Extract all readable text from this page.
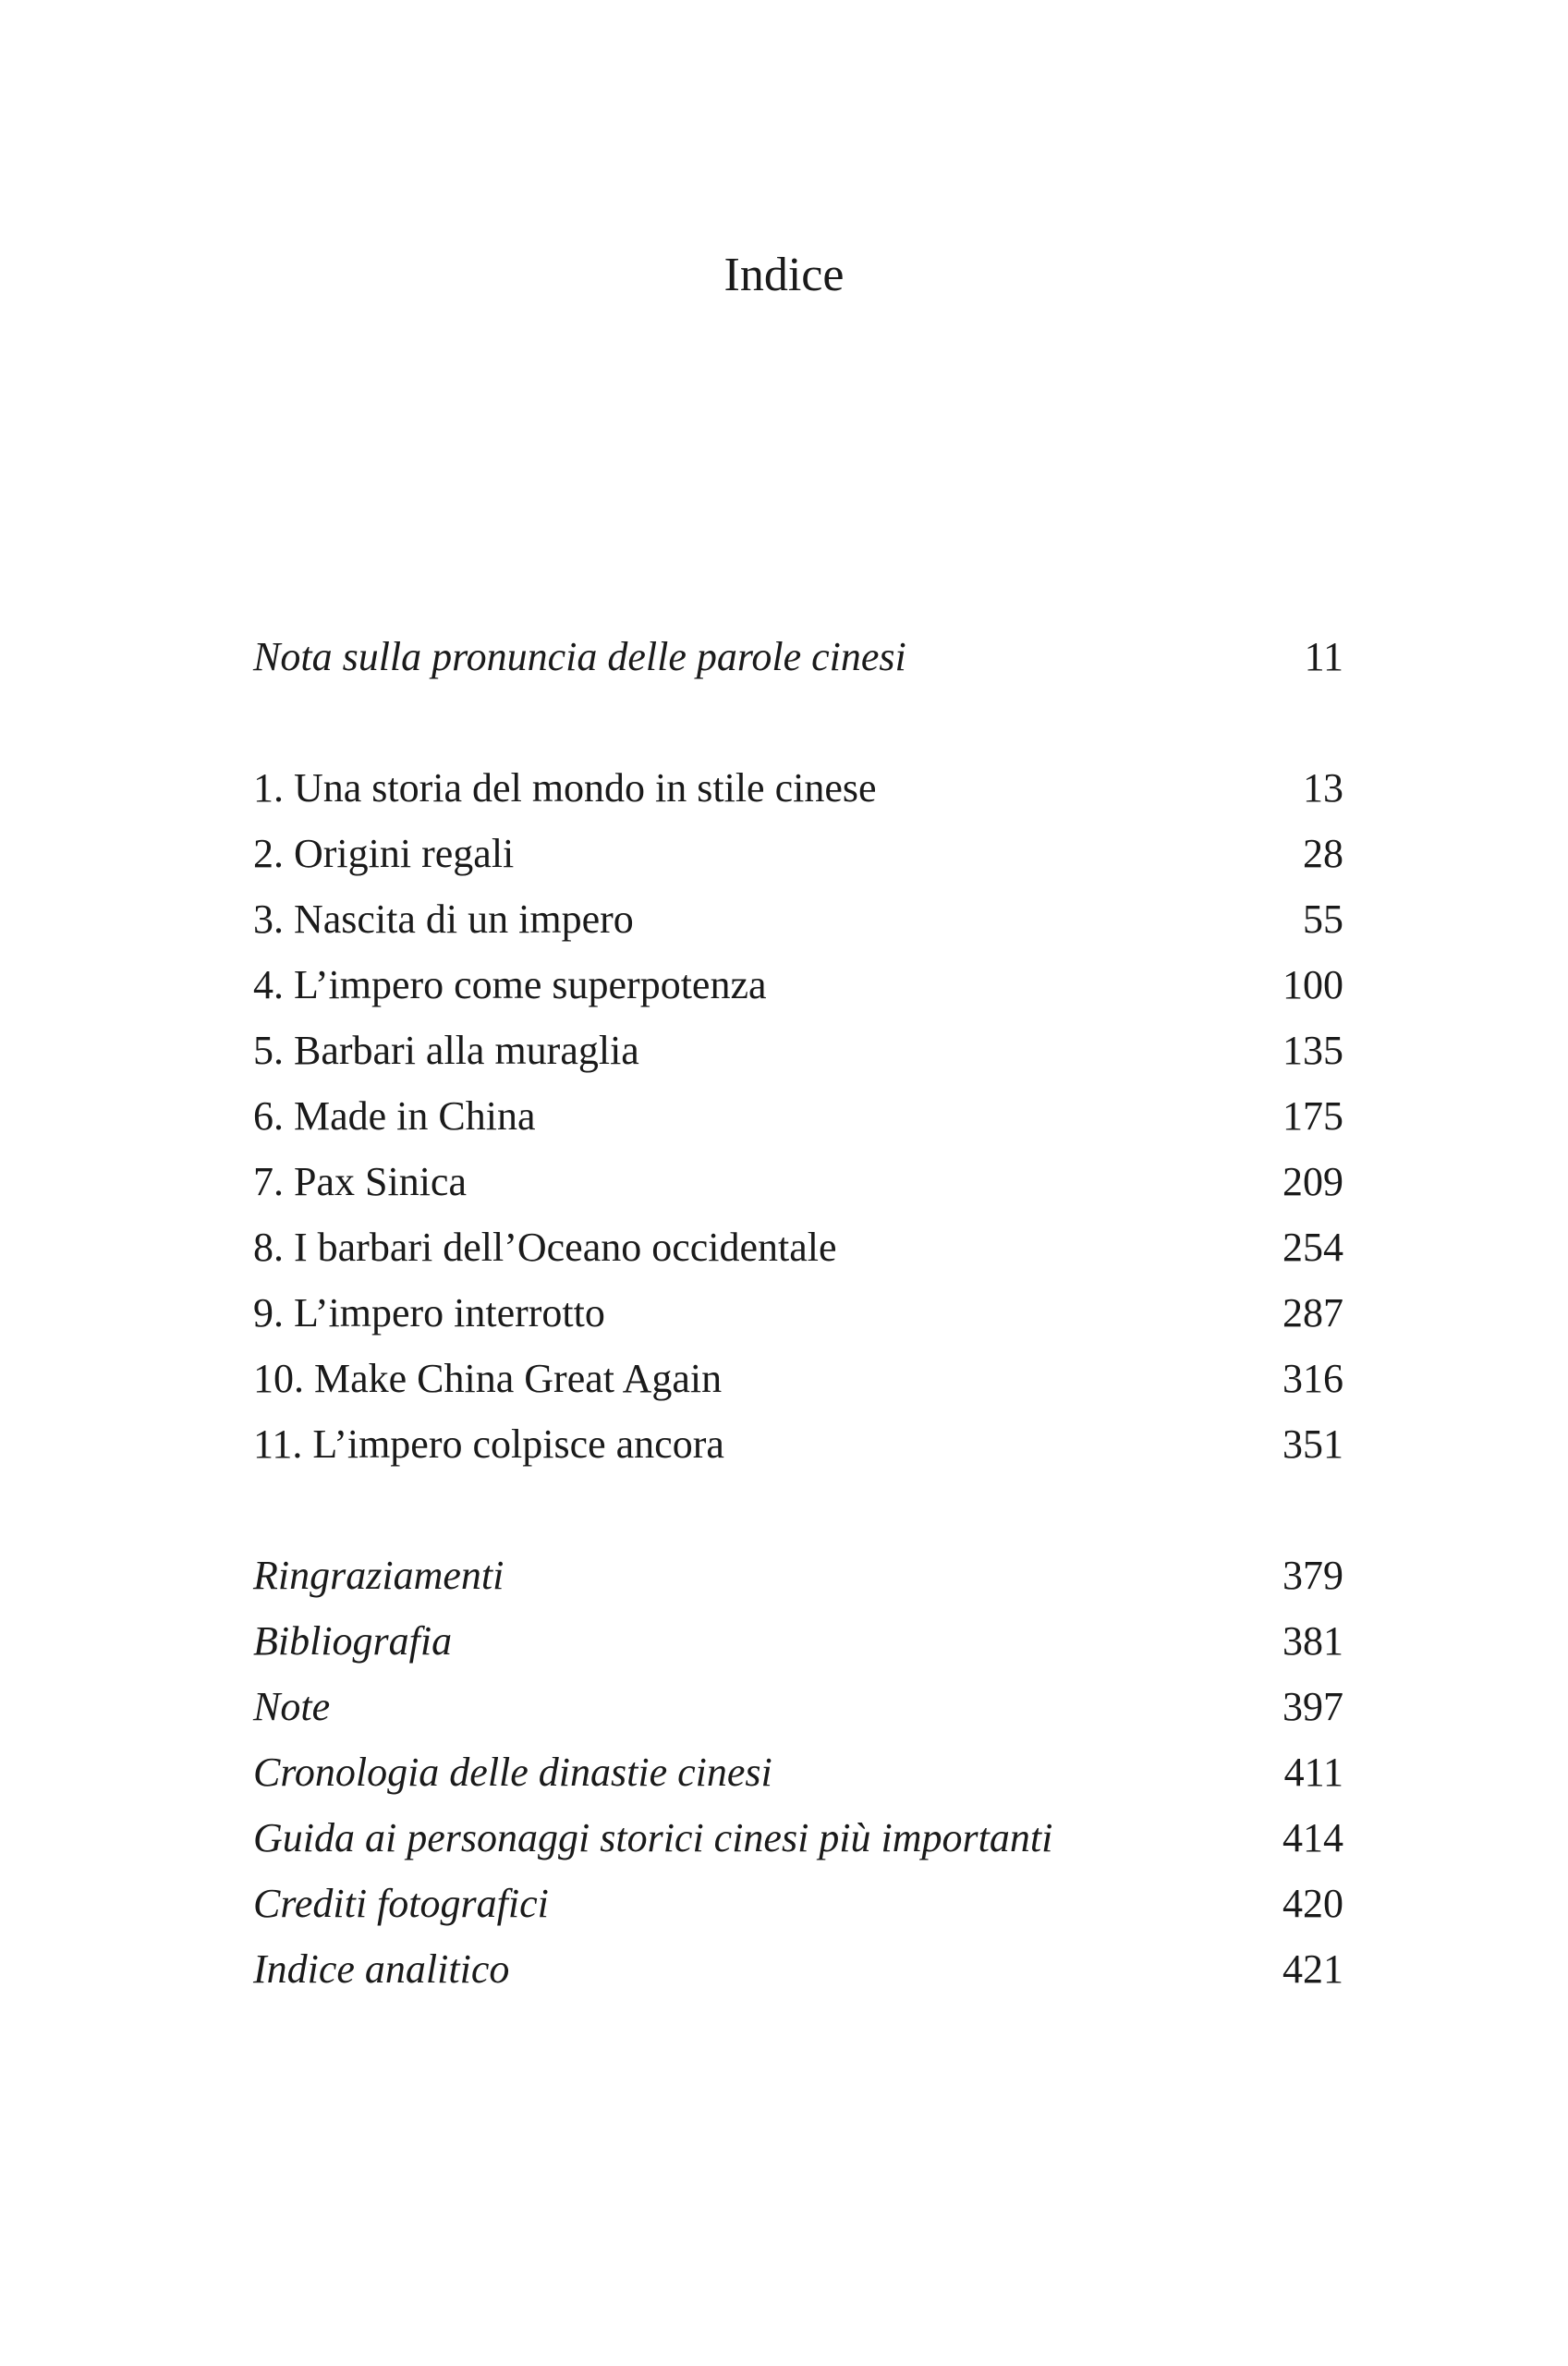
Indice
Nota sulla pronuncia delle parole cinesi	11
1. Una storia del mondo in stile cinese	13
2. Origini regali	28
3. Nascita di un impero	55
4. L’impero come superpotenza	100
5. Barbari alla muraglia	135
6. Made in China	175
7. Pax Sinica	209
8. I barbari dell’Oceano occidentale	254
9. L’impero interrotto	287
10. Make China Great Again	316
11. L’impero colpisce ancora	351
Ringraziamenti	379
Bibliografia	381
Note	397
Cronologia delle dinastie cinesi	411
Guida ai personaggi storici cinesi più importanti	414
Crediti fotografici	420
Indice analitico	421
